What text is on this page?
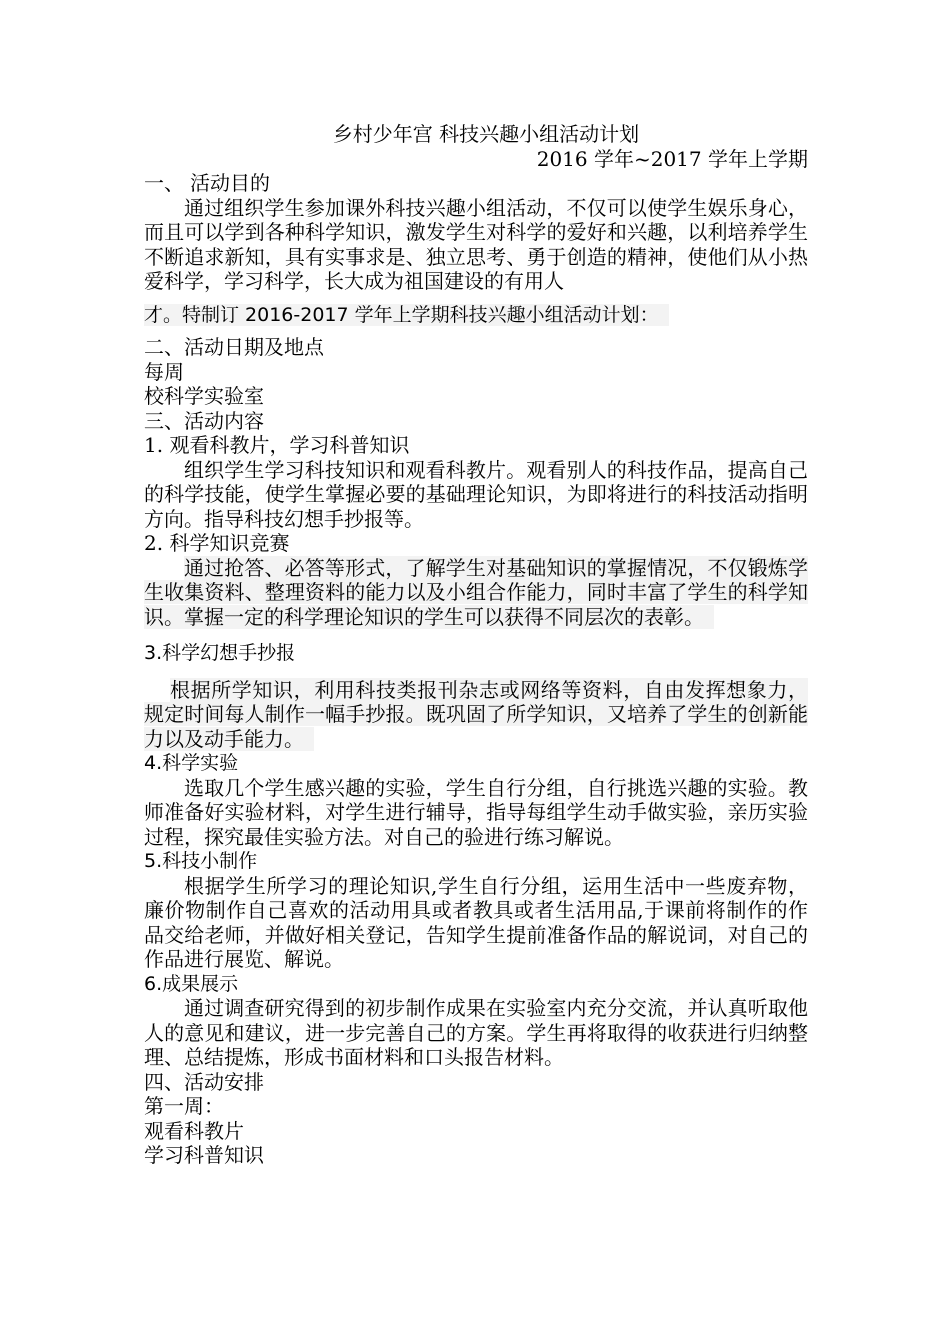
乡村少年宫 科技兴趣小组活动计划
2016 学年~2017 学年上学期
一、 活动目的
通过组织学生参加课外科技兴趣小组活动，不仅可以使学生娱乐身心，而且可以学到各种科学知识，激发学生对科学的爱好和兴趣，以利培养学生不断追求新知，具有实事求是、独立思考、勇于创造的精神，使他们从小热爱科学，学习科学，长大成为祖国建设的有用人
才。特制订 2016-2017 学年上学期科技兴趣小组活动计划：
二、活动日期及地点
每周
校科学实验室
三、活动内容
1. 观看科教片，学习科普知识
组织学生学习科技知识和观看科教片。观看别人的科技作品，提高自己的科学技能，使学生掌握必要的基础理论知识，为即将进行的科技活动指明方向。指导科技幻想手抄报等。
2. 科学知识竞赛
通过抢答、必答等形式，了解学生对基础知识的掌握情况，不仅锻炼学生收集资料、整理资料的能力以及小组合作能力，同时丰富了学生的科学知识。掌握一定的科学理论知识的学生可以获得不同层次的表彰。
3.科学幻想手抄报
根据所学知识，利用科技类报刊杂志或网络等资料，自由发挥想象力，规定时间每人制作一幅手抄报。既巩固了所学知识，又培养了学生的创新能力以及动手能力。
4.科学实验
选取几个学生感兴趣的实验，学生自行分组，自行挑选兴趣的实验。教师准备好实验材料，对学生进行辅导，指导每组学生动手做实验，亲历实验过程，探究最佳实验方法。对自己的验进行练习解说。
5.科技小制作
根据学生所学习的理论知识,学生自行分组，运用生活中一些废弃物，廉价物制作自己喜欢的活动用具或者教具或者生活用品,于课前将制作的作品交给老师，并做好相关登记，告知学生提前准备作品的解说词，对自己的作品进行展览、解说。
6.成果展示
通过调查研究得到的初步制作成果在实验室内充分交流，并认真听取他人的意见和建议，进一步完善自己的方案。学生再将取得的收获进行归纳整理、总结提炼，形成书面材料和口头报告材料。
四、活动安排
第一周：
观看科教片
学习科普知识
